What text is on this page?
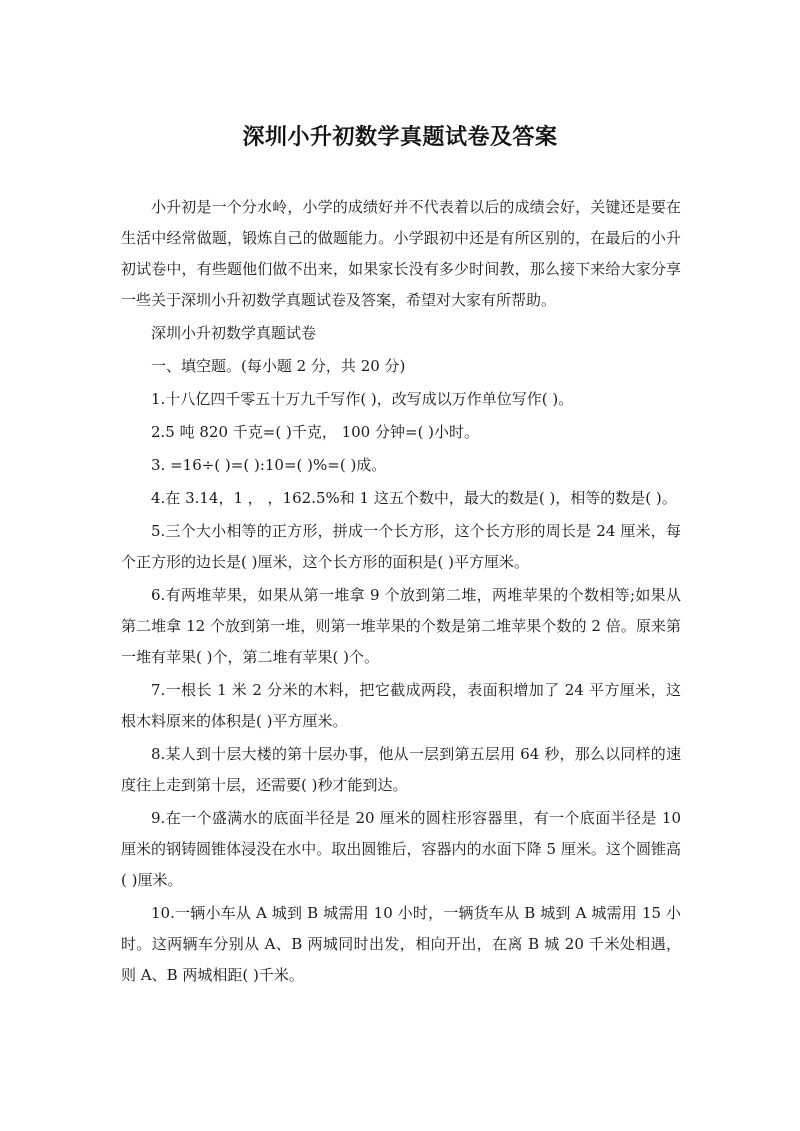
深圳小升初数学真题试卷及答案

小升初是一个分水岭，小学的成绩好并不代表着以后的成绩会好，关键还是要在生活中经常做题，锻炼自己的做题能力。小学跟初中还是有所区别的，在最后的小升初试卷中，有些题他们做不出来，如果家长没有多少时间教，那么接下来给大家分享一些关于深圳小升初数学真题试卷及答案，希望对大家有所帮助。

深圳小升初数学真题试卷

一、填空题。(每小题 2 分，共 20 分)

1.十八亿四千零五十万九千写作( )，改写成以万作单位写作( )。

2.5 吨 820 千克=( )千克， 100 分钟=( )小时。

3. =16÷( )=( ):10=( )%=( )成。

4.在 3.14，1 ， ，162.5%和 1 这五个数中，最大的数是( )，相等的数是( )。

5.三个大小相等的正方形，拼成一个长方形，这个长方形的周长是 24 厘米，每个正方形的边长是( )厘米，这个长方形的面积是( )平方厘米。

6.有两堆苹果，如果从第一堆拿 9 个放到第二堆，两堆苹果的个数相等;如果从第二堆拿 12 个放到第一堆，则第一堆苹果的个数是第二堆苹果个数的 2 倍。原来第一堆有苹果( )个，第二堆有苹果( )个。

7.一根长 1 米 2 分米的木料，把它截成两段，表面积增加了 24 平方厘米，这根木料原来的体积是( )平方厘米。

8.某人到十层大楼的第十层办事，他从一层到第五层用 64 秒，那么以同样的速度往上走到第十层，还需要( )秒才能到达。

9.在一个盛满水的底面半径是 20 厘米的圆柱形容器里，有一个底面半径是 10 厘米的钢铸圆锥体浸没在水中。取出圆锥后，容器内的水面下降 5 厘米。这个圆锥高( )厘米。

10.一辆小车从 A 城到 B 城需用 10 小时，一辆货车从 B 城到 A 城需用 15 小时。这两辆车分别从 A、B 两城同时出发，相向开出，在离 B 城 20 千米处相遇，则 A、B 两城相距( )千米。
